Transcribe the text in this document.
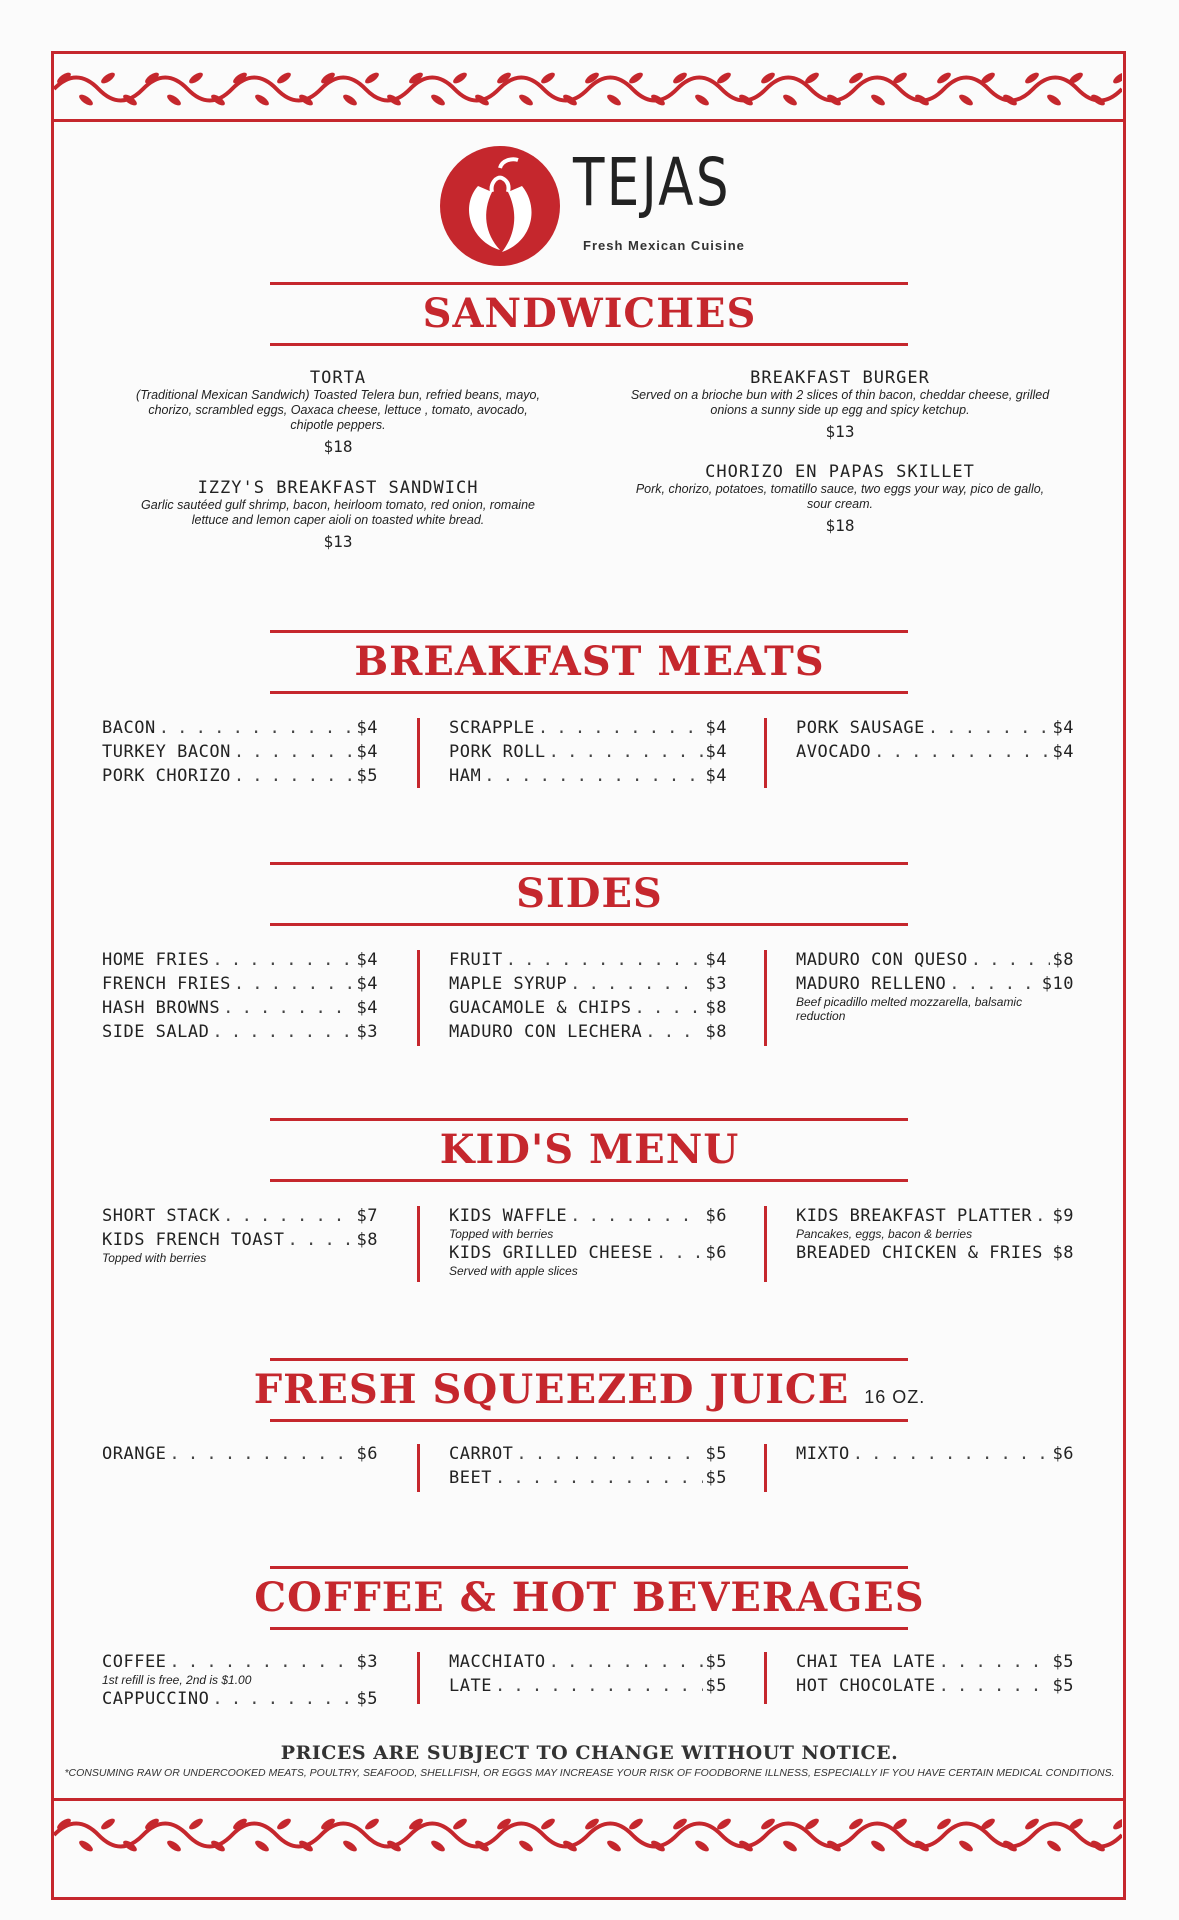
TEJAS
Fresh Mexican Cuisine
SANDWICHES
TORTA
(Traditional Mexican Sandwich) Toasted Telera bun, refried beans, mayo, chorizo, scrambled eggs, Oaxaca cheese, lettuce , tomato, avocado, chipotle peppers.
$18
IZZY'S BREAKFAST SANDWICH
Garlic sautéed gulf shrimp, bacon, heirloom tomato, red onion, romaine lettuce and lemon caper aioli on toasted white bread.
$13
BREAKFAST BURGER
Served on a brioche bun with 2 slices of thin bacon, cheddar cheese, grilled onions a sunny side up egg and spicy ketchup.
$13
CHORIZO EN PAPAS SKILLET
Pork, chorizo, potatoes, tomatillo sauce, two eggs your way, pico de gallo, sour cream.
$18
BREAKFAST MEATS
BACON . . .	$4
TURKEY BACON . . .	$4
PORK CHORIZO . . .	$5
SCRAPPLE . . .	$4
PORK ROLL . . .	$4
HAM . . .	$4
PORK SAUSAGE . . .	$4
AVOCADO . . .	$4
SIDES
HOME FRIES . . .	$4
FRENCH FRIES . . .	$4
HASH BROWNS . . .	$4
SIDE SALAD . . .	$3
FRUIT . . .	$4
MAPLE SYRUP . . .	$3
GUACAMOLE & CHIPS . . .	$8
MADURO CON LECHERA . . .	$8
MADURO CON QUESO . . .	$8
MADURO RELLENO . . .	$10
Beef picadillo melted mozzarella, balsamic reduction
KID'S MENU
SHORT STACK . . .	$7
KIDS FRENCH TOAST . . .	$8
Topped with berries
KIDS WAFFLE . . .	$6
Topped with berries
KIDS GRILLED CHEESE . . .	$6
Served with apple slices
KIDS BREAKFAST PLATTER . . . $9
Pancakes, eggs, bacon & berries
BREADED CHICKEN & FRIES . . . $8
FRESH SQUEEZED JUICE 16 OZ.
ORANGE . . .	$6	CARROT . . .	$5
BEET . . .	$5
MIXTO . . .	$6
COFFEE & HOT BEVERAGES
COFFEE . . .	$3
1st refill is free, 2nd is $1.00
CAPPUCCINO . . .	$5
MACCHIATO . . .	$5
LATE . . .	$5
CHAI TEA LATE . . .	$5
HOT CHOCOLATE . . .	$5
PRICES ARE SUBJECT TO CHANGE WITHOUT NOTICE.
*CONSUMING RAW OR UNDERCOOKED MEATS, POULTRY, SEAFOOD, SHELLFISH, OR EGGS MAY INCREASE YOUR RISK OF FOODBORNE ILLNESS, ESPECIALLY IF YOU HAVE CERTAIN MEDICAL CONDITIONS.
